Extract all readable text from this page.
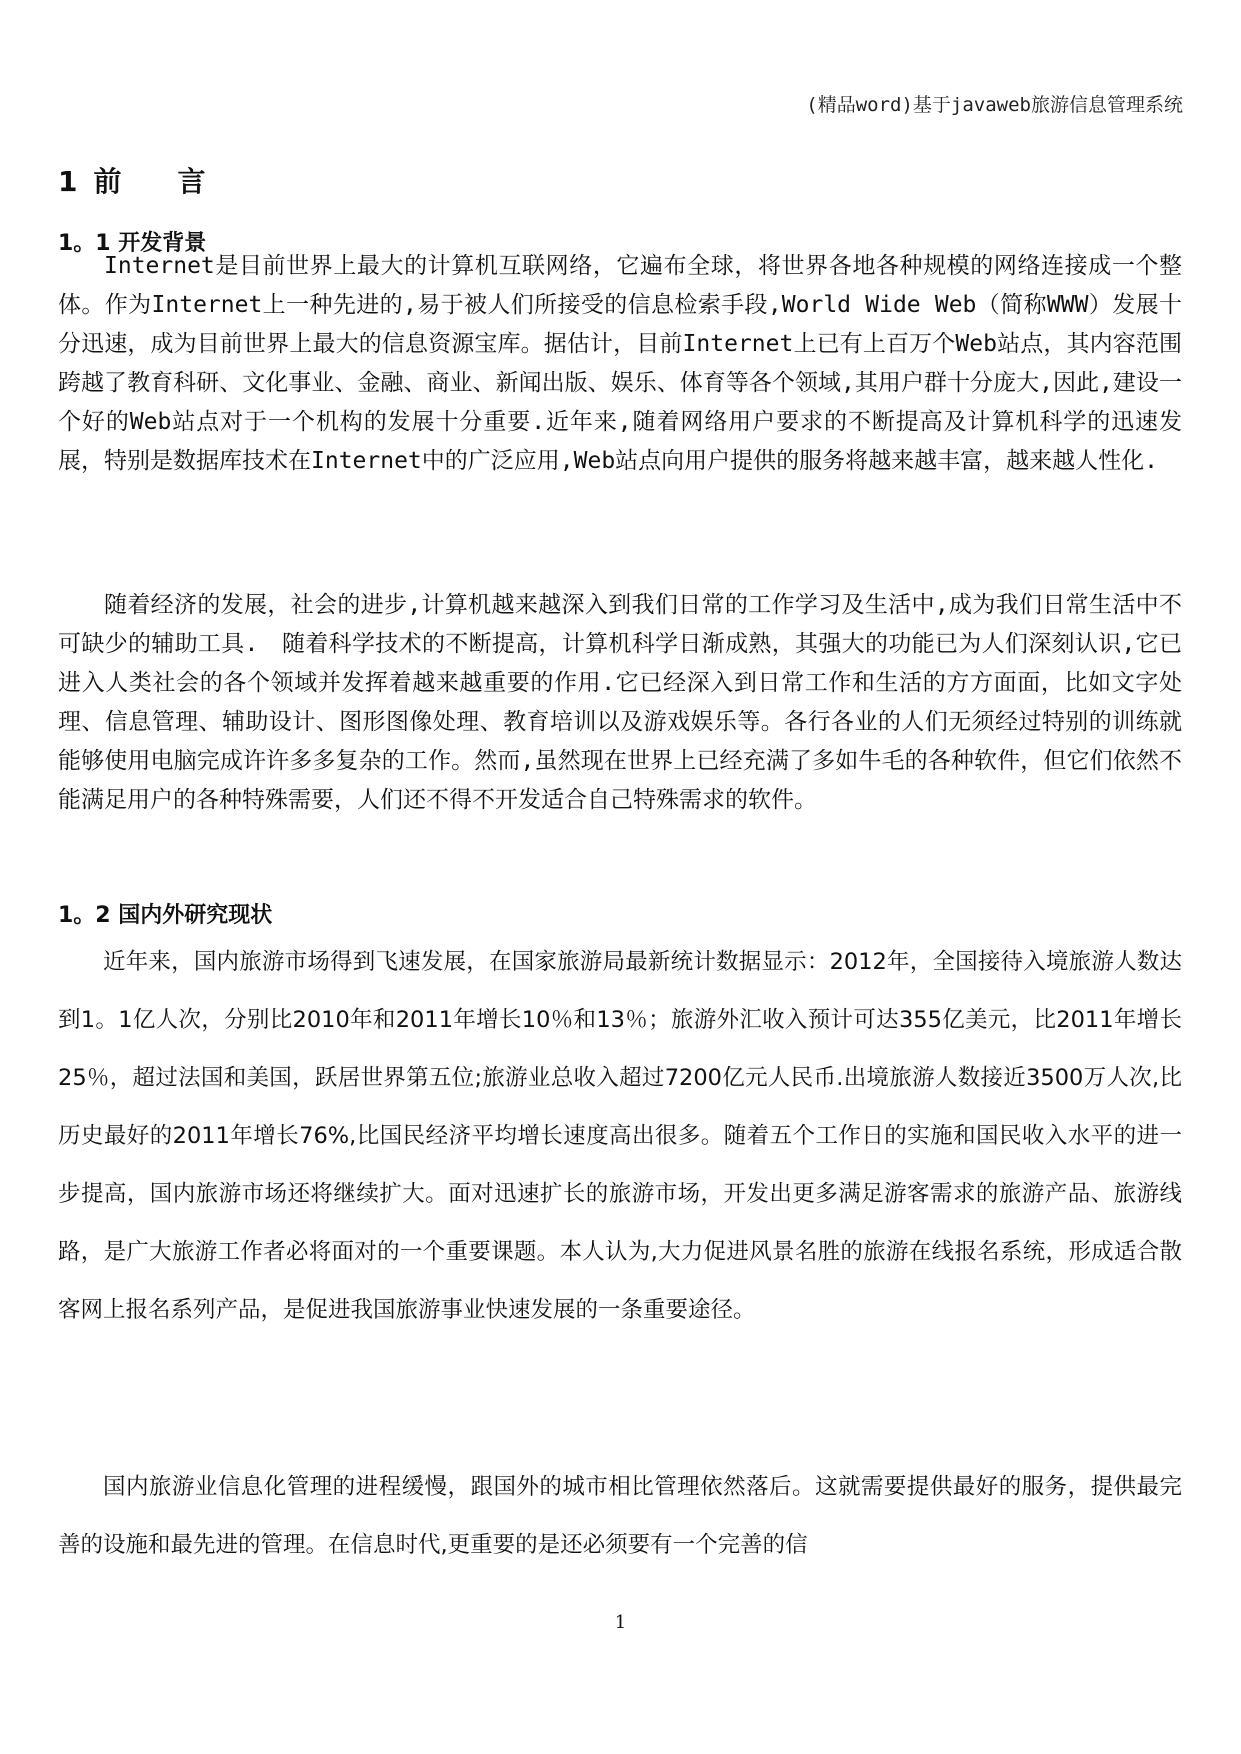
(精品word)基于javaweb旅游信息管理系统
1 前 言
1。1 开发背景

Internet是目前世界上最大的计算机互联网络，它遍布全球，将世界各地各种规模的网络连接成一个整体。作为Internet上一种先进的,易于被人们所接受的信息检索手段,World Wide Web（简称WWW）发展十分迅速，成为目前世界上最大的信息资源宝库。据估计，目前Internet上已有上百万个Web站点，其内容范围跨越了教育科研、文化事业、金融、商业、新闻出版、娱乐、体育等各个领域,其用户群十分庞大,因此,建设一个好的Web站点对于一个机构的发展十分重要.近年来,随着网络用户要求的不断提高及计算机科学的迅速发展，特别是数据库技术在Internet中的广泛应用,Web站点向用户提供的服务将越来越丰富，越来越人性化.

随着经济的发展，社会的进步,计算机越来越深入到我们日常的工作学习及生活中,成为我们日常生活中不可缺少的辅助工具.　随着科学技术的不断提高，计算机科学日渐成熟，其强大的功能已为人们深刻认识,它已进入人类社会的各个领域并发挥着越来越重要的作用.它已经深入到日常工作和生活的方方面面，比如文字处理、信息管理、辅助设计、图形图像处理、教育培训以及游戏娱乐等。各行各业的人们无须经过特别的训练就能够使用电脑完成许许多多复杂的工作。然而,虽然现在世界上已经充满了多如牛毛的各种软件，但它们依然不能满足用户的各种特殊需要，人们还不得不开发适合自己特殊需求的软件。

1。2 国内外研究现状

近年来，国内旅游市场得到飞速发展，在国家旅游局最新统计数据显示：2012年，全国接待入境旅游人数达到1。1亿人次，分别比2010年和2011年增长10％和13％；旅游外汇收入预计可达355亿美元，比2011年增长25％，超过法国和美国，跃居世界第五位;旅游业总收入超过7200亿元人民币.出境旅游人数接近3500万人次,比历史最好的2011年增长76%,比国民经济平均增长速度高出很多。随着五个工作日的实施和国民收入水平的进一步提高，国内旅游市场还将继续扩大。面对迅速扩长的旅游市场，开发出更多满足游客需求的旅游产品、旅游线路，是广大旅游工作者必将面对的一个重要课题。本人认为,大力促进风景名胜的旅游在线报名系统，形成适合散客网上报名系列产品，是促进我国旅游事业快速发展的一条重要途径。

国内旅游业信息化管理的进程缓慢，跟国外的城市相比管理依然落后。这就需要提供最好的服务，提供最完善的设施和最先进的管理。在信息时代,更重要的是还必须要有一个完善的信

1
